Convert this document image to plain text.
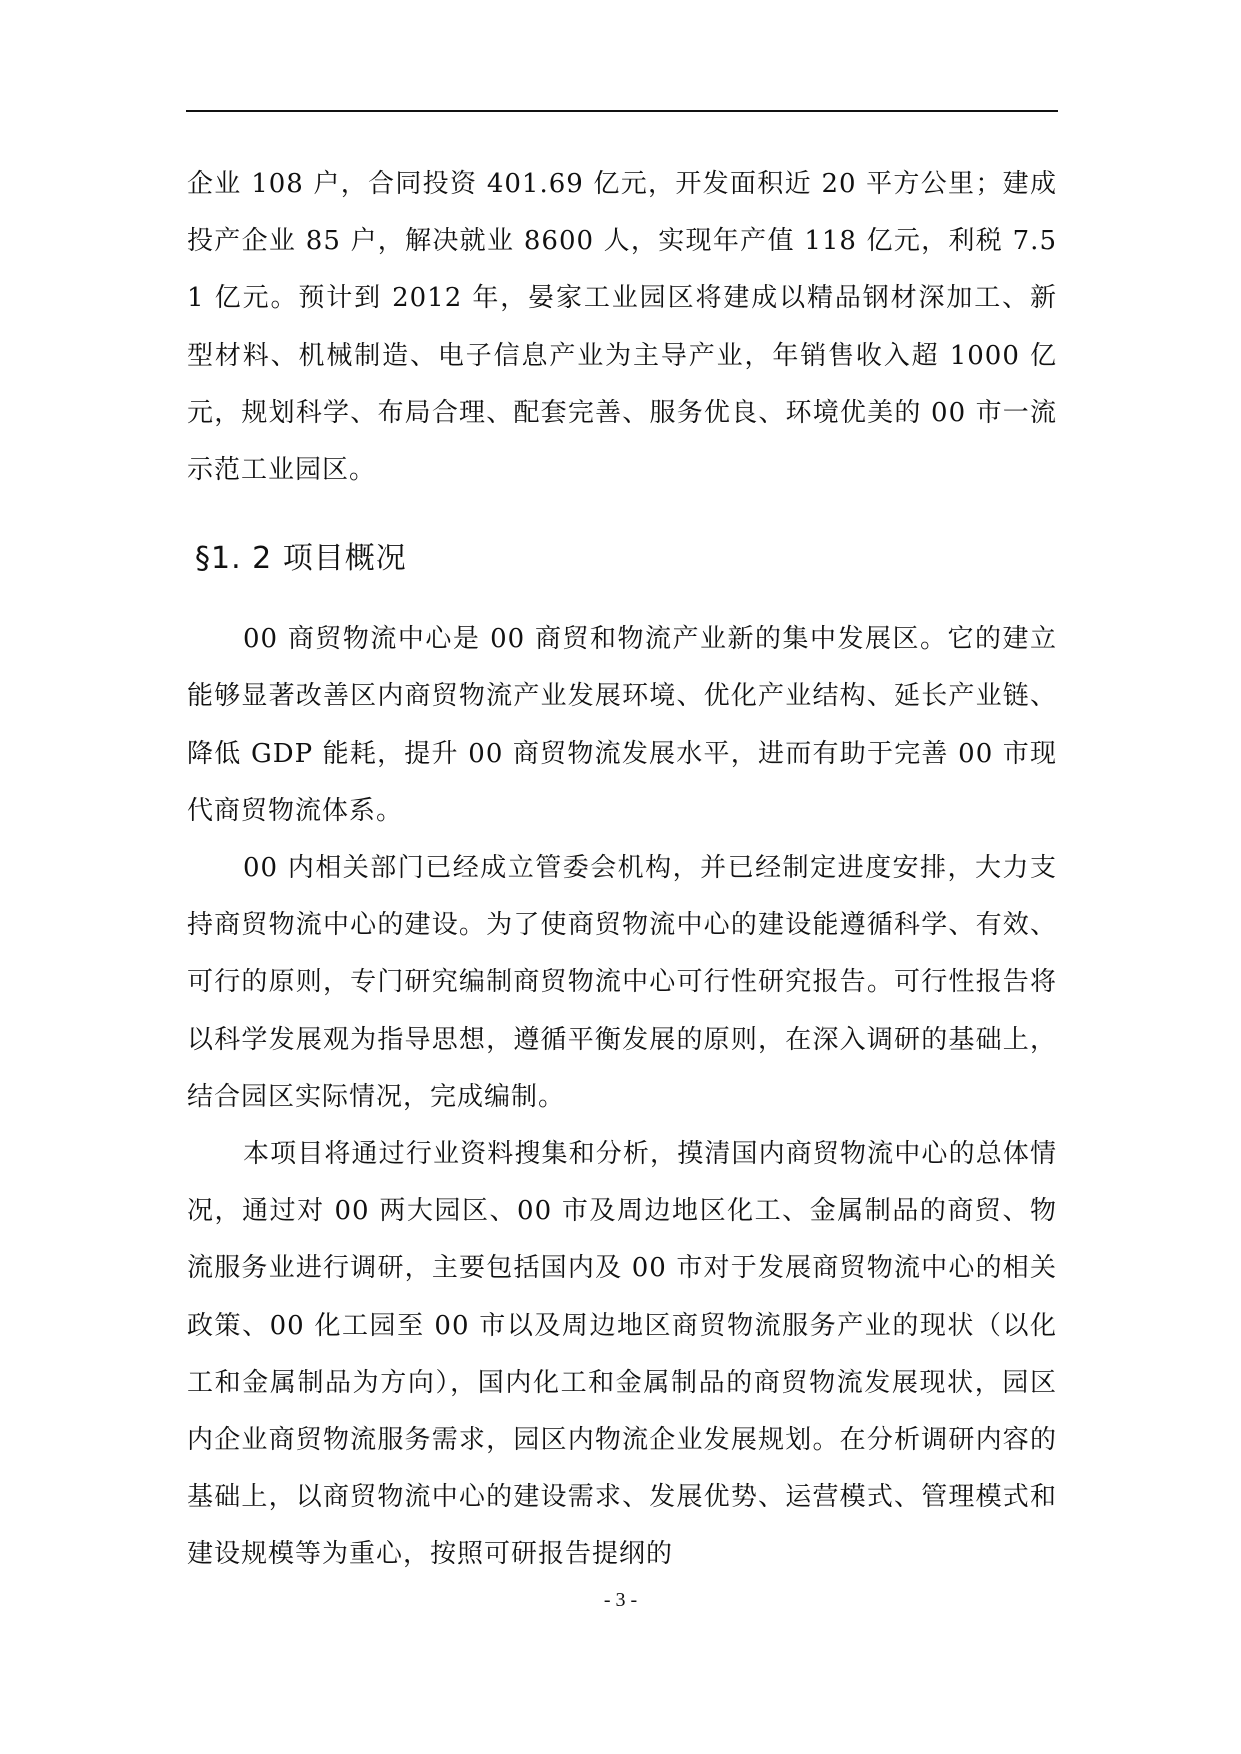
企业 108 户，合同投资 401.69 亿元，开发面积近 20 平方公里；建成投产企业 85 户，解决就业 8600 人，实现年产值 118 亿元，利税 7.51 亿元。预计到 2012 年，晏家工业园区将建成以精品钢材深加工、新型材料、机械制造、电子信息产业为主导产业，年销售收入超 1000 亿元，规划科学、布局合理、配套完善、服务优良、环境优美的 00 市一流示范工业园区。

§1. 2 项目概况

00 商贸物流中心是 00 商贸和物流产业新的集中发展区。它的建立能够显著改善区内商贸物流产业发展环境、优化产业结构、延长产业链、降低 GDP 能耗，提升 00 商贸物流发展水平，进而有助于完善 00 市现代商贸物流体系。

00 内相关部门已经成立管委会机构，并已经制定进度安排，大力支持商贸物流中心的建设。为了使商贸物流中心的建设能遵循科学、有效、可行的原则，专门研究编制商贸物流中心可行性研究报告。可行性报告将以科学发展观为指导思想，遵循平衡发展的原则，在深入调研的基础上，结合园区实际情况，完成编制。

本项目将通过行业资料搜集和分析，摸清国内商贸物流中心的总体情况，通过对 00 两大园区、00 市及周边地区化工、金属制品的商贸、物流服务业进行调研，主要包括国内及 00 市对于发展商贸物流中心的相关政策、00 化工园至 00 市以及周边地区商贸物流服务产业的现状（以化工和金属制品为方向），国内化工和金属制品的商贸物流发展现状，园区内企业商贸物流服务需求，园区内物流企业发展规划。在分析调研内容的基础上，以商贸物流中心的建设需求、发展优势、运营模式、管理模式和建设规模等为重心，按照可研报告提纲的

- 3 -
